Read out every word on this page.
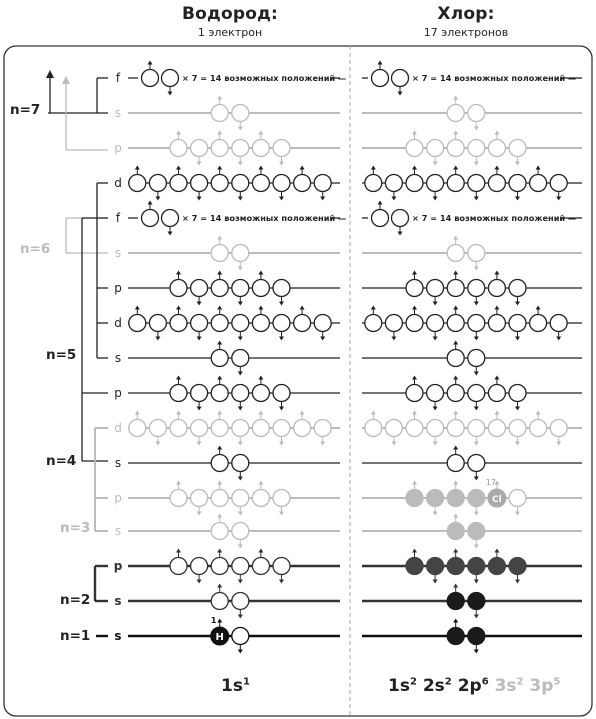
Водород:
1 электрон
Хлор:
17 электронов
f	× 7 = 14 возможных положений —	× 7 = 14 возможных положений —
s
p
d
f	× 7 = 14 возможных положений —	× 7 = 14 возможных положений —
s
p
d
s
p
d
s
p
s
p
s
s	H
1
Cl
17
n=7
n=6
n=5
n=4
n=3
n=2
n=1
$1s^1$	$1s^2$ $2s^2$ $2p^6$ $3s^2$ $3p^5$
